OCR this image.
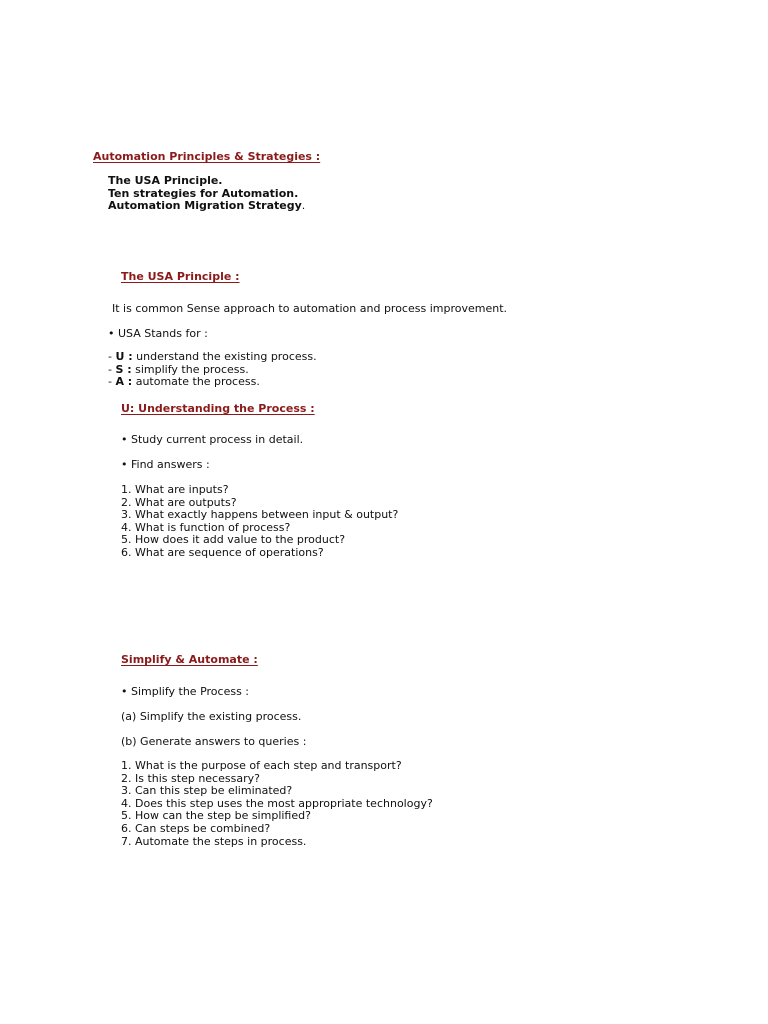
Automation Principles & Strategies :
The USA Principle.
Ten strategies for Automation.
Automation Migration Strategy.
The USA Principle :
It is common Sense approach to automation and process improvement.
• USA Stands for :
- U : understand the existing process.
- S : simplify the process.
- A : automate the process.
U: Understanding the Process :
• Study current process in detail.
• Find answers :
1. What are inputs?
2. What are outputs?
3. What exactly happens between input & output?
4. What is function of process?
5. How does it add value to the product?
6. What are sequence of operations?
Simplify & Automate :
• Simplify the Process :
(a) Simplify the existing process.
(b) Generate answers to queries :
1. What is the purpose of each step and transport?
2. Is this step necessary?
3. Can this step be eliminated?
4. Does this step uses the most appropriate technology?
5. How can the step be simplified?
6. Can steps be combined?
7. Automate the steps in process.
